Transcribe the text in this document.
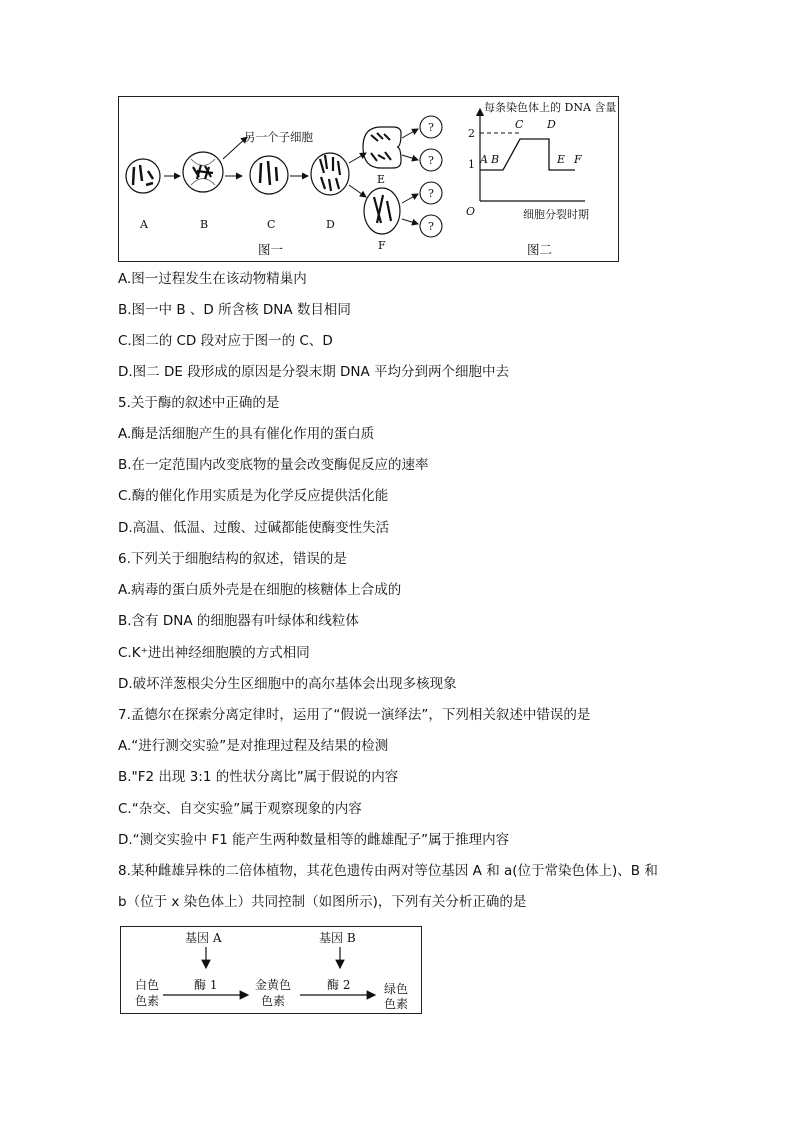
?
?
?
?
另一个子细胞
A	B	C	D
E
F
图一
每条染色体上的 DNA 含量
2
1
O	细胞分裂时期
A B
C D
E F
图二
A.图一过程发生在该动物精巢内
B.图一中 B 、D 所含核 DNA 数目相同
C.图二的 CD 段对应于图一的 C、D
D.图二 DE 段形成的原因是分裂末期 DNA 平均分到两个细胞中去
5.关于酶的叙述中正确的是
A.酶是活细胞产生的具有催化作用的蛋白质
B.在一定范围内改变底物的量会改变酶促反应的速率
C.酶的催化作用实质是为化学反应提供活化能
D.高温、低温、过酸、过碱都能使酶变性失活
6.下列关于细胞结构的叙述，错误的是
A.病毒的蛋白质外壳是在细胞的核糖体上合成的
B.含有 DNA 的细胞器有叶绿体和线粒体
C.K⁺进出神经细胞膜的方式相同
D.破坏洋葱根尖分生区细胞中的高尔基体会出现多核现象
7.孟德尔在探索分离定律时，运用了“假说一演绎法”，下列相关叙述中错误的是
A.“进行测交实验”是对推理过程及结果的检测
B."F2 出现 3:1 的性状分离比”属于假说的内容
C.“杂交、自交实验”属于观察现象的内容
D.“测交实验中 F1 能产生两种数量相等的雌雄配子”属于推理内容
8.某种雌雄异株的二倍体植物，其花色遗传由两对等位基因 A 和 a(位于常染色体上)、B 和
b（位于 x 染色体上）共同控制（如图所示)，下列有关分析正确的是
基因 A	基因 B
酶 1	酶 2
白色
色素
金黄色
色素
绿色
色素
